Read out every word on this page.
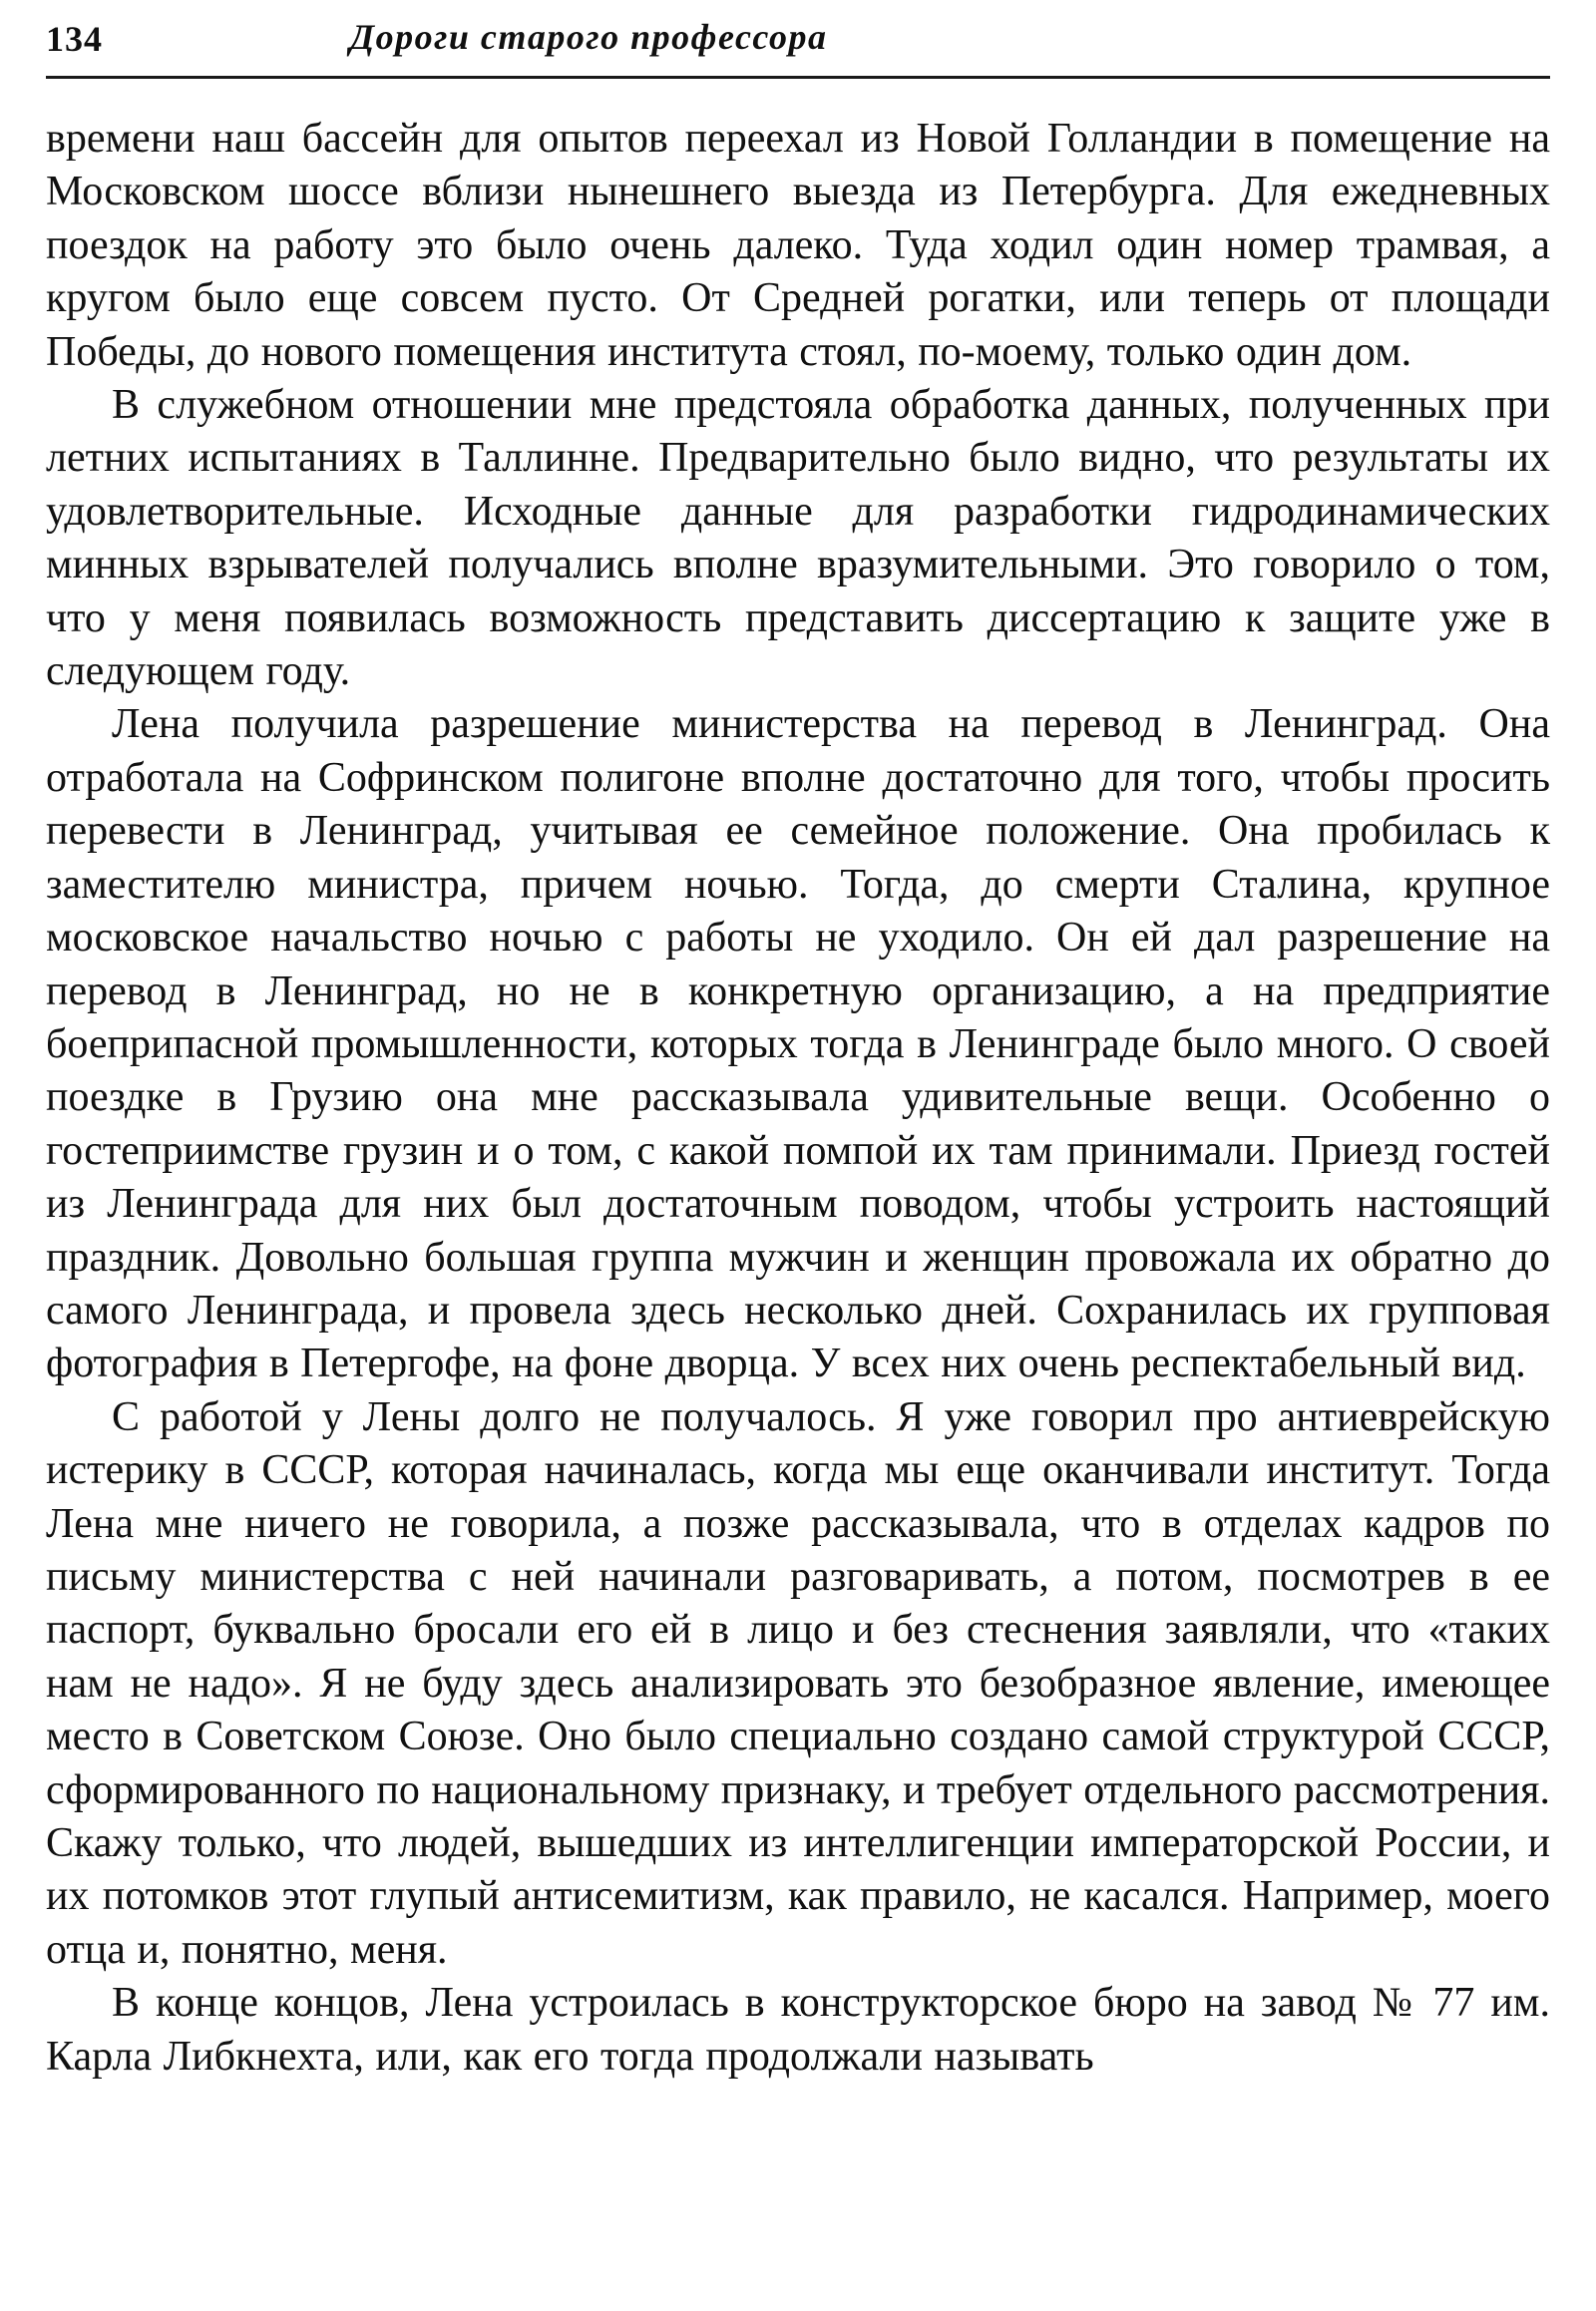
134	Дороги старого профессора

времени наш бассейн для опытов переехал из Новой Голландии в помещение на Московском шоссе вблизи нынешнего выезда из Петербурга. Для ежедневных поездок на работу это было очень далеко. Туда ходил один номер трамвая, а кругом было еще совсем пусто. От Средней рогатки, или теперь от площади Победы, до нового помещения института стоял, по-моему, только один дом.

В служебном отношении мне предстояла обработка данных, полученных при летних испытаниях в Таллинне. Предварительно было видно, что результаты их удовлетворительные. Исходные данные для разработки гидродинамических минных взрывателей получались вполне вразумительными. Это говорило о том, что у меня появилась возможность представить диссертацию к защите уже в следующем году.

Лена получила разрешение министерства на перевод в Ленинград. Она отработала на Софринском полигоне вполне достаточно для того, чтобы просить перевести в Ленинград, учитывая ее семейное положение. Она пробилась к заместителю министра, причем ночью. Тогда, до смерти Сталина, крупное московское начальство ночью с работы не уходило. Он ей дал разрешение на перевод в Ленинград, но не в конкретную организацию, а на предприятие боеприпасной промышленности, которых тогда в Ленинграде было много. О своей поездке в Грузию она мне рассказывала удивительные вещи. Особенно о гостеприимстве грузин и о том, с какой помпой их там принимали. Приезд гостей из Ленинграда для них был достаточным поводом, чтобы устроить настоящий праздник. Довольно большая группа мужчин и женщин провожала их обратно до самого Ленинграда, и провела здесь несколько дней. Сохранилась их групповая фотография в Петергофе, на фоне дворца. У всех них очень респектабельный вид.

С работой у Лены долго не получалось. Я уже говорил про антиеврейскую истерику в СССР, которая начиналась, когда мы еще оканчивали институт. Тогда Лена мне ничего не говорила, а позже рассказывала, что в отделах кадров по письму министерства с ней начинали разговаривать, а потом, посмотрев в ее паспорт, буквально бросали его ей в лицо и без стеснения заявляли, что «таких нам не надо». Я не буду здесь анализировать это безобразное явление, имеющее место в Советском Союзе. Оно было специально создано самой структурой СССР, сформированного по национальному признаку, и требует отдельного рассмотрения. Скажу только, что людей, вышедших из интеллигенции императорской России, и их потомков этот глупый антисемитизм, как правило, не касался. Например, моего отца и, понятно, меня.

В конце концов, Лена устроилась в конструкторское бюро на завод № 77 им. Карла Либкнехта, или, как его тогда продолжали называть
